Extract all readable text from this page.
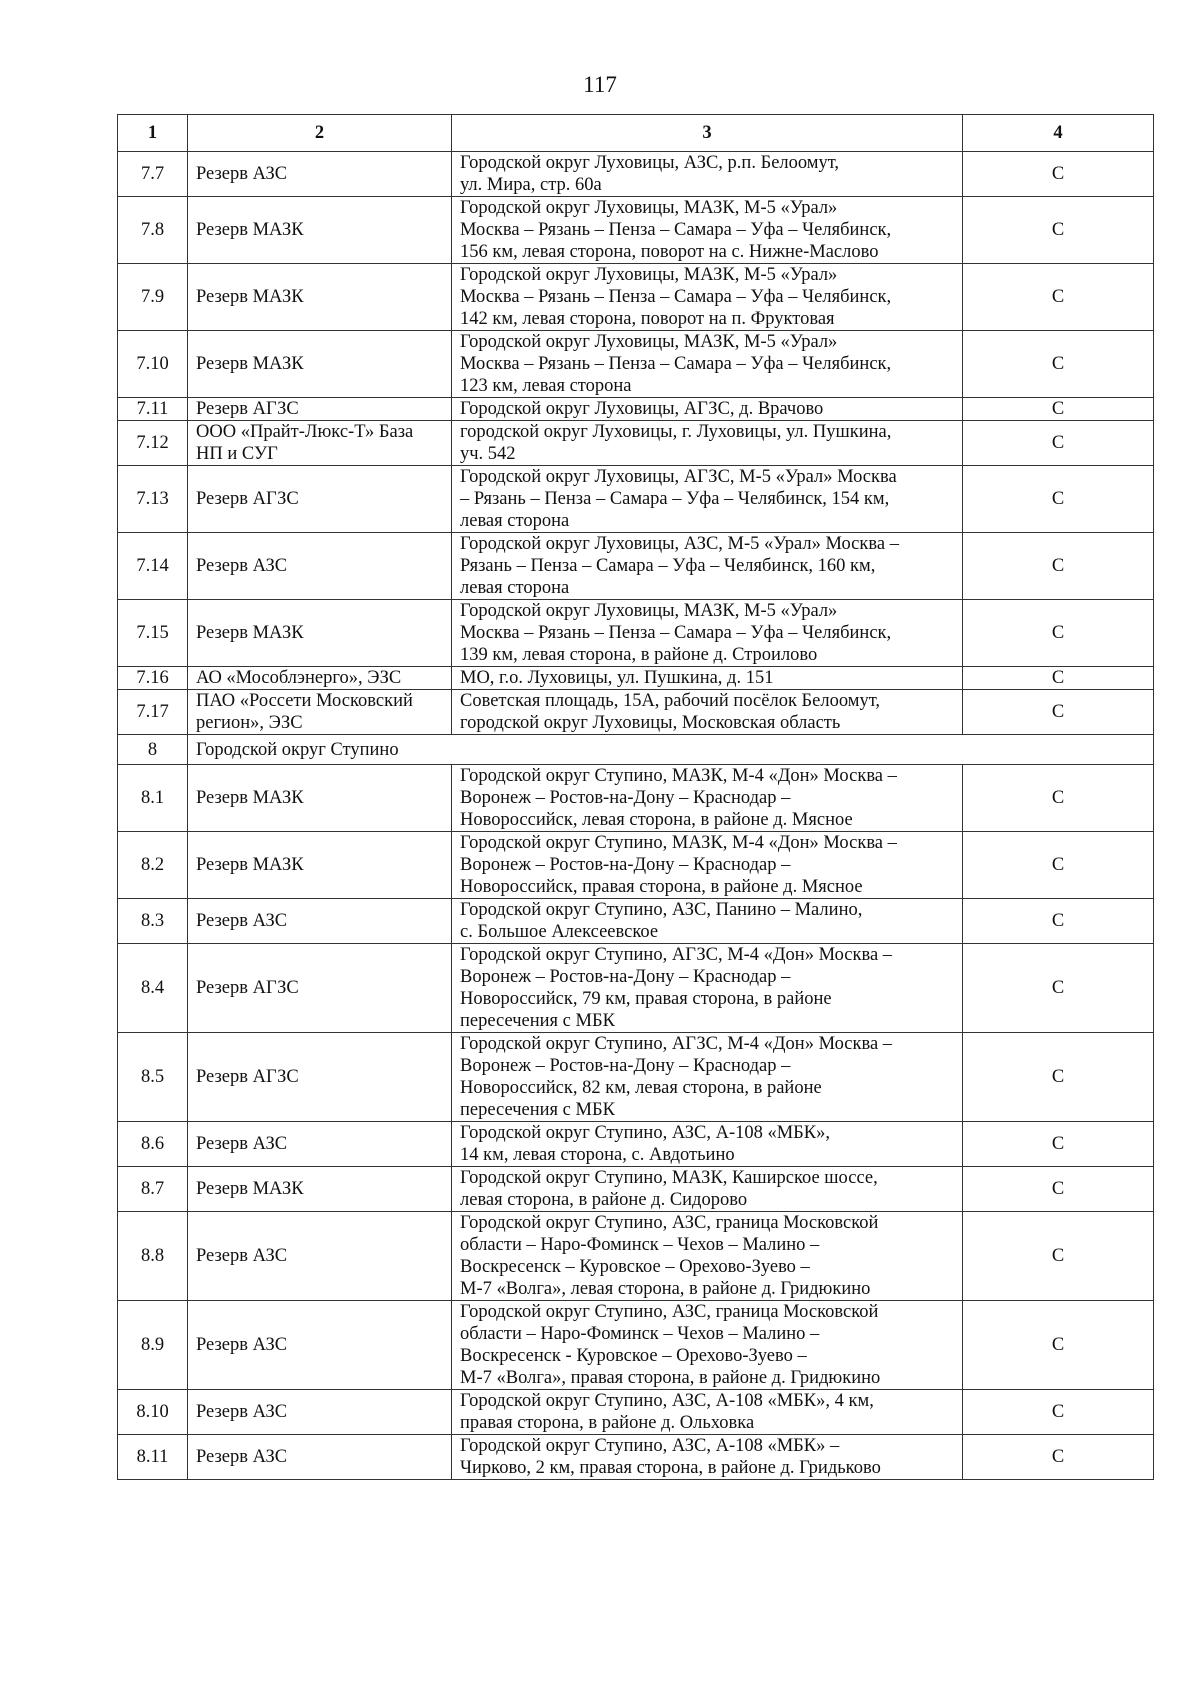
117
1	2	3	4
7.7	Резерв АЗС	Городской округ Луховицы, АЗС, р.п. Белоомут,
ул. Мира, стр. 60а	С
7.8	Резерв МАЗК	Городской округ Луховицы, МАЗК, М-5 «Урал»
Москва – Рязань – Пенза – Самара – Уфа – Челябинск,
156 км, левая сторона, поворот на с. Нижне-Маслово	С
7.9	Резерв МАЗК	Городской округ Луховицы, МАЗК, М-5 «Урал»
Москва – Рязань – Пенза – Самара – Уфа – Челябинск,
142 км, левая сторона, поворот на п. Фруктовая	С
7.10	Резерв МАЗК	Городской округ Луховицы, МАЗК, М-5 «Урал»
Москва – Рязань – Пенза – Самара – Уфа – Челябинск,
123 км, левая сторона	С
7.11	Резерв АГЗС	Городской округ Луховицы, АГЗС, д. Врачово	С
7.12	ООО «Прайт-Люкс-Т» База
НП и СУГ	городской округ Луховицы, г. Луховицы, ул. Пушкина,
уч. 542	С
7.13	Резерв АГЗС	Городской округ Луховицы, АГЗС, М-5 «Урал» Москва
– Рязань – Пенза – Самара – Уфа – Челябинск, 154 км,
левая сторона	С
7.14	Резерв АЗС	Городской округ Луховицы, АЗС, М-5 «Урал» Москва –
Рязань – Пенза – Самара – Уфа – Челябинск, 160 км,
левая сторона	С
7.15	Резерв МАЗК	Городской округ Луховицы, МАЗК, М-5 «Урал»
Москва – Рязань – Пенза – Самара – Уфа – Челябинск,
139 км, левая сторона, в районе д. Строилово	С
7.16	АО «Мособлэнерго», ЭЗС	МО, г.о. Луховицы, ул. Пушкина, д. 151	С
7.17	ПАО «Россети Московский
регион», ЭЗС	Советская площадь, 15А, рабочий посёлок Белоомут,
городской округ Луховицы, Московская область	С
8	Городской округ Ступино		
8.1	Резерв МАЗК	Городской округ Ступино, МАЗК, М-4 «Дон» Москва –
Воронеж – Ростов-на-Дону – Краснодар –
Новороссийск, левая сторона, в районе д. Мясное	С
8.2	Резерв МАЗК	Городской округ Ступино, МАЗК, М-4 «Дон» Москва –
Воронеж – Ростов-на-Дону – Краснодар –
Новороссийск, правая сторона, в районе д. Мясное	С
8.3	Резерв АЗС	Городской округ Ступино, АЗС, Панино – Малино,
с. Большое Алексеевское	С
8.4	Резерв АГЗС	Городской округ Ступино, АГЗС, М-4 «Дон» Москва –
Воронеж – Ростов-на-Дону – Краснодар –
Новороссийск, 79 км, правая сторона, в районе
пересечения с МБК	С
8.5	Резерв АГЗС	Городской округ Ступино, АГЗС, М-4 «Дон» Москва –
Воронеж – Ростов-на-Дону – Краснодар –
Новороссийск, 82 км, левая сторона, в районе
пересечения с МБК	С
8.6	Резерв АЗС	Городской округ Ступино, АЗС, А-108 «МБК»,
14 км, левая сторона, с. Авдотьино	С
8.7	Резерв МАЗК	Городской округ Ступино, МАЗК, Каширское шоссе,
левая сторона, в районе д. Сидорово	С
8.8	Резерв АЗС	Городской округ Ступино, АЗС, граница Московской
области – Наро-Фоминск – Чехов – Малино –
Воскресенск – Куровское – Орехово-Зуево –
М-7 «Волга», левая сторона, в районе д. Гридюкино	С
8.9	Резерв АЗС	Городской округ Ступино, АЗС, граница Московской
области – Наро-Фоминск – Чехов – Малино –
Воскресенск - Куровское – Орехово-Зуево –
М-7 «Волга», правая сторона, в районе д. Гридюкино	С
8.10	Резерв АЗС	Городской округ Ступино, АЗС, А-108 «МБК», 4 км,
правая сторона, в районе д. Ольховка	С
8.11	Резерв АЗС	Городской округ Ступино, АЗС, А-108 «МБК» –
Чирково, 2 км, правая сторона, в районе д. Гридьково	С
